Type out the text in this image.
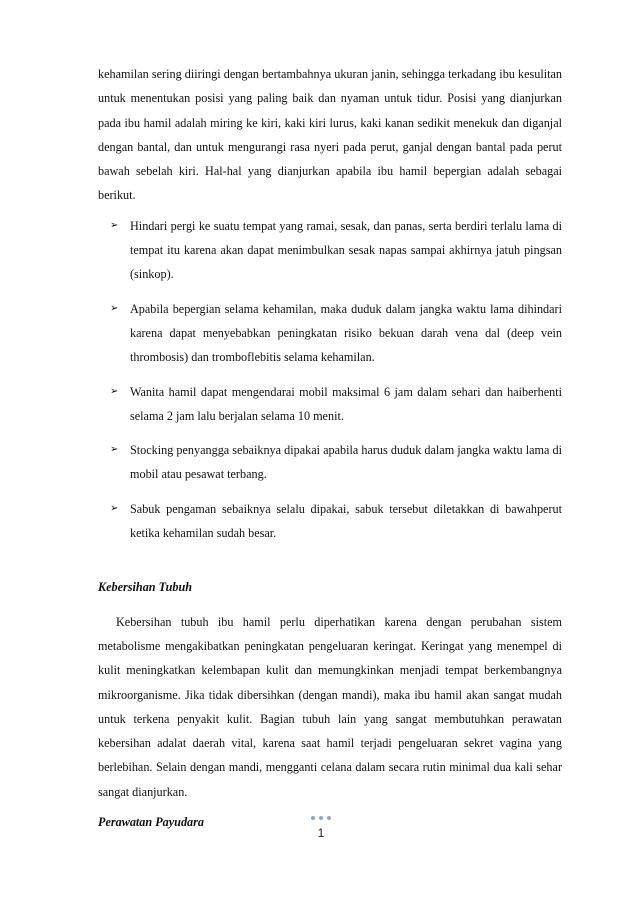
kehamilan sering diiringi dengan bertambahnya ukuran janin, sehingga terkadang ibu kesulitan untuk menentukan posisi yang paling baik dan nyaman untuk tidur. Posisi yang dianjurkan pada ibu hamil adalah miring ke kiri, kaki kiri lurus, kaki kanan sedikit menekuk dan diganjal dengan bantal, dan untuk mengurangi rasa nyeri pada perut, ganjal dengan bantal pada perut bawah sebelah kiri. Hal-hal yang dianjurkan apabila ibu hamil bepergian adalah sebagai berikut.

➢ Hindari pergi ke suatu tempat yang ramai, sesak, dan panas, serta berdiri terlalu lama di tempat itu karena akan dapat menimbulkan sesak napas sampai akhirnya jatuh pingsan (sinkop).
➢ Apabila bepergian selama kehamilan, maka duduk dalam jangka waktu lama dihindari karena dapat menyebabkan peningkatan risiko bekuan darah vena dal (deep vein thrombosis) dan tromboflebitis selama kehamilan.
➢ Wanita hamil dapat mengendarai mobil maksimal 6 jam dalam sehari dan haiberhenti selama 2 jam lalu berjalan selama 10 menit.
➢ Stocking penyangga sebaiknya dipakai apabila harus duduk dalam jangka waktu lama di mobil atau pesawat terbang.
➢ Sabuk pengaman sebaiknya selalu dipakai, sabuk tersebut diletakkan di bawahperut ketika kehamilan sudah besar.

Kebersihan Tubuh

Kebersihan tubuh ibu hamil perlu diperhatikan karena dengan perubahan sistem metabolisme mengakibatkan peningkatan pengeluaran keringat. Keringat yang menempel di kulit meningkatkan kelembapan kulit dan memungkinkan menjadi tempat berkembangnya mikroorganisme. Jika tidak dibersihkan (dengan mandi), maka ibu hamil akan sangat mudah untuk terkena penyakit kulit. Bagian tubuh lain yang sangat membutuhkan perawatan kebersihan adalat daerah vital, karena saat hamil terjadi pengeluaran sekret vagina yang berlebihan. Selain dengan mandi, mengganti celana dalam secara rutin minimal dua kali sehar sangat dianjurkan.

Perawatan Payudara

1
